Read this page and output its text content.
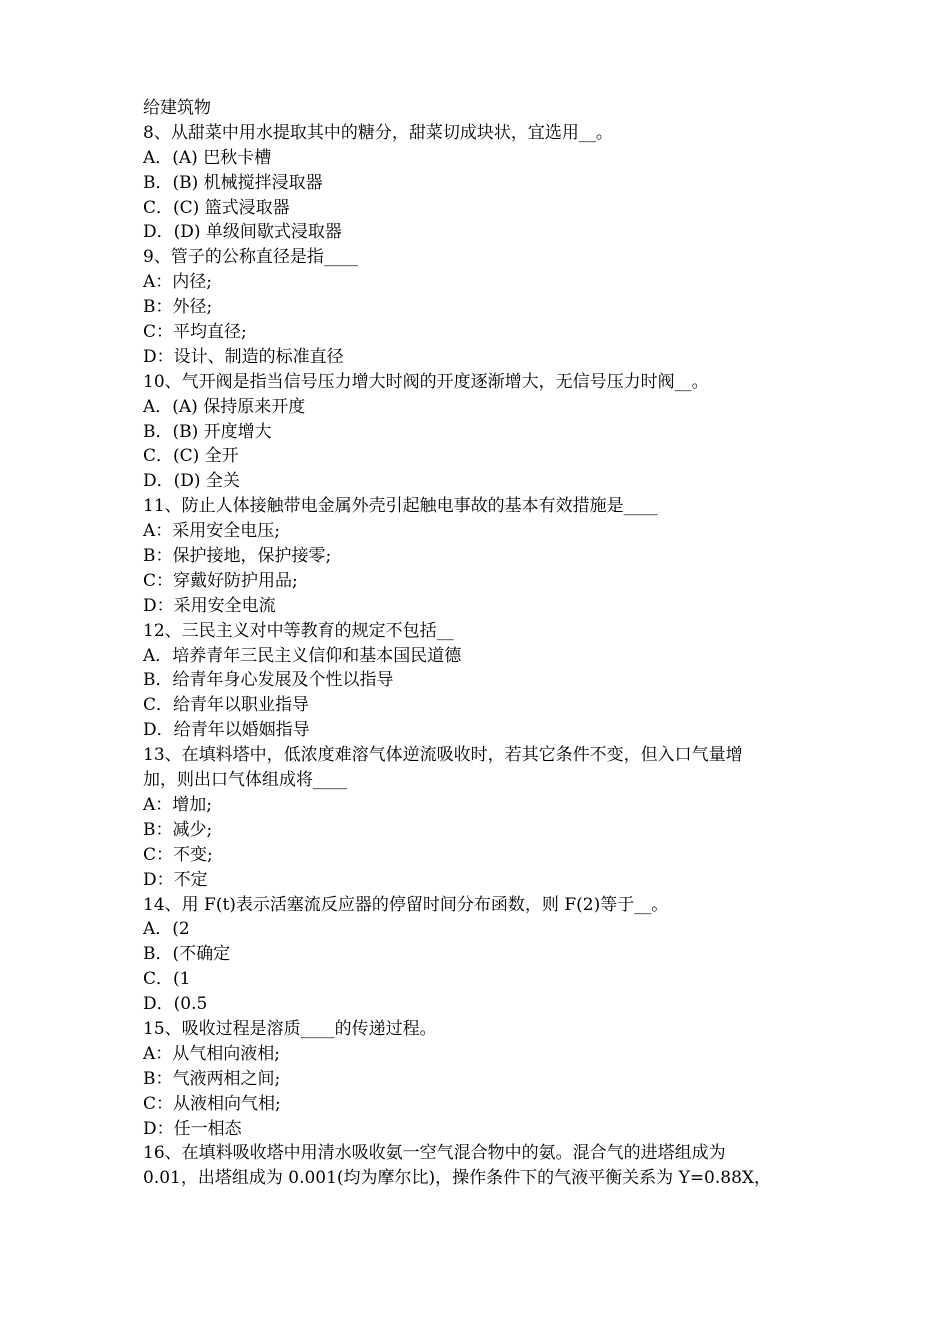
给建筑物
8、从甜菜中用水提取其中的糖分，甜菜切成块状，宜选用__。
A．(A) 巴秋卡槽
B．(B) 机械搅拌浸取器
C．(C) 篮式浸取器
D．(D) 单级间歇式浸取器
9、管子的公称直径是指____
A：内径;
B：外径;
C：平均直径;
D：设计、制造的标准直径
10、气开阀是指当信号压力增大时阀的开度逐渐增大，无信号压力时阀__。
A．(A) 保持原来开度
B．(B) 开度增大
C．(C) 全开
D．(D) 全关
11、防止人体接触带电金属外壳引起触电事故的基本有效措施是____
A：采用安全电压;
B：保护接地，保护接零;
C：穿戴好防护用品;
D：采用安全电流
12、三民主义对中等教育的规定不包括__
A．培养青年三民主义信仰和基本国民道德
B．给青年身心发展及个性以指导
C．给青年以职业指导
D．给青年以婚姻指导
13、在填料塔中，低浓度难溶气体逆流吸收时，若其它条件不变，但入口气量增
加，则出口气体组成将____
A：增加;
B：减少;
C：不变;
D：不定
14、用 F(t)表示活塞流反应器的停留时间分布函数，则 F(2)等于__。
A．(2
B．(不确定
C．(1
D．(0.5
15、吸收过程是溶质____的传递过程。
A：从气相向液相;
B：气液两相之间;
C：从液相向气相;
D：任一相态
16、在填料吸收塔中用清水吸收氨一空气混合物中的氨。混合气的进塔组成为
0.01，出塔组成为 0.001(均为摩尔比)，操作条件下的气液平衡关系为 Y=0.88X，
